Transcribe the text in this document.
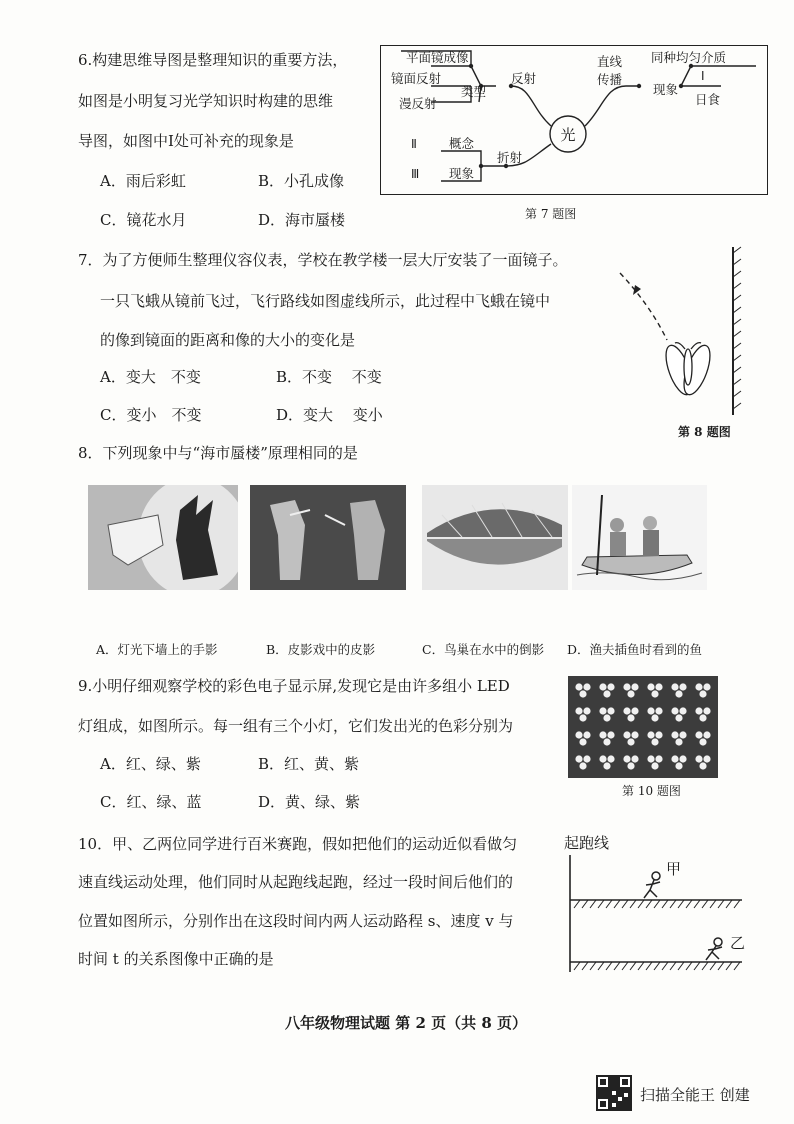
6.构建思维导图是整理知识的重要方法，
如图是小明复习光学知识时构建的思维
导图，如图中Ⅰ处可补充的现象是
A．雨后彩虹	B．小孔成像
C．镜花水月	D．海市蜃楼
光
平面镜成像
镜面反射
漫反射
类型
反射
直线
传播
同种均匀介质
Ⅰ
现象
日食
折射
概念
现象
Ⅱ
Ⅲ
第 7 题图
7．为了方便师生整理仪容仪表，学校在教学楼一层大厅安装了一面镜子。
一只飞蛾从镜前飞过，飞行路线如图虚线所示，此过程中飞蛾在镜中
的像到镜面的距离和像的大小的变化是
A．变大　不变	B．不变　 不变
C．变小　不变	D．变大　 变小
第 8 题图
8．下列现象中与“海市蜃楼”原理相同的是
A．灯光下墙上的手影	B．皮影戏中的皮影	C．鸟巢在水中的倒影 D．渔夫插鱼时看到的鱼
9.小明仔细观察学校的彩色电子显示屏,发现它是由许多组小 LED
灯组成，如图所示。每一组有三个小灯，它们发出光的色彩分别为
A．红、绿、紫	B．红、黄、紫
C．红、绿、蓝	D．黄、绿、紫
第 10 题图
10．甲、乙两位同学进行百米赛跑，假如把他们的运动近似看做匀
速直线运动处理，他们同时从起跑线起跑，经过一段时间后他们的
位置如图所示，分别作出在这段时间内两人运动路程 s、速度 v 与
时间 t 的关系图像中正确的是
起跑线
甲
乙
八年级物理试题 第 2 页（共 8 页）
扫描全能王 创建
